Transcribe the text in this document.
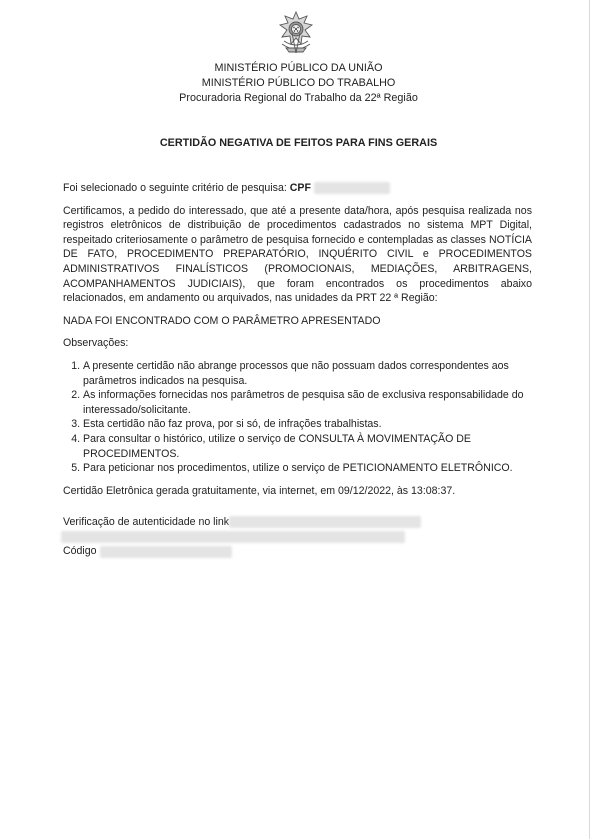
MINISTÉRIO PÚBLICO DA UNIÃO
MINISTÉRIO PÚBLICO DO TRABALHO
Procuradoria Regional do Trabalho da 22ª Região
CERTIDÃO NEGATIVA DE FEITOS PARA FINS GERAIS

Foi selecionado o seguinte critério de pesquisa: CPF

Certificamos, a pedido do interessado, que até a presente data/hora, após pesquisa realizada nos registros eletrônicos de distribuição de procedimentos cadastrados no sistema MPT Digital, respeitado criteriosamente o parâmetro de pesquisa fornecido e contempladas as classes NOTÍCIA DE FATO, PROCEDIMENTO PREPARATÓRIO, INQUÉRITO CIVIL e PROCEDIMENTOS ADMINISTRATIVOS FINALÍSTICOS (PROMOCIONAIS, MEDIAÇÕES, ARBITRAGENS, ACOMPANHAMENTOS JUDICIAIS), que foram encontrados os procedimentos abaixo relacionados, em andamento ou arquivados, nas unidades da PRT 22 ª Região:

NADA FOI ENCONTRADO COM O PARÂMETRO APRESENTADO

Observações:

1. A presente certidão não abrange processos que não possuam dados correspondentes aos parâmetros indicados na pesquisa.
2. As informações fornecidas nos parâmetros de pesquisa são de exclusiva responsabilidade do interessado/solicitante.
3. Esta certidão não faz prova, por si só, de infrações trabalhistas.
4. Para consultar o histórico, utilize o serviço de CONSULTA À MOVIMENTAÇÃO DE PROCEDIMENTOS.
5. Para peticionar nos procedimentos, utilize o serviço de PETICIONAMENTO ELETRÔNICO.

Certidão Eletrônica gerada gratuitamente, via internet, em 09/12/2022, às 13:08:37.

Verificação de autenticidade no link

Código
